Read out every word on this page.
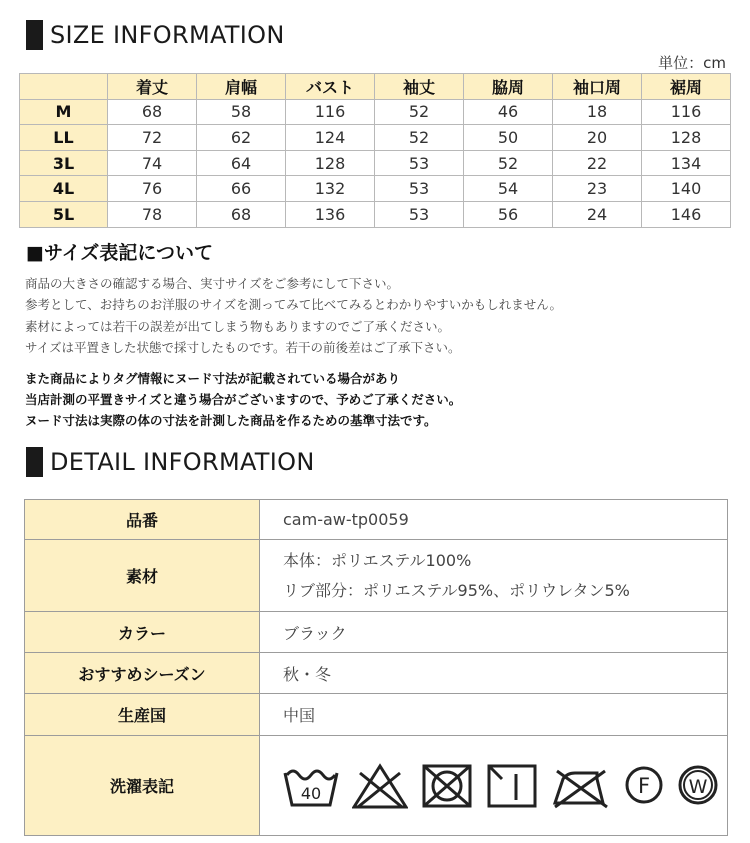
SIZE INFORMATION
単位：cm
	着丈	肩幅	バスト	袖丈	脇周	袖口周	裾周
M	68	58	116	52	46	18	116
LL	72	62	124	52	50	20	128
3L	74	64	128	53	52	22	134
4L	76	66	132	53	54	23	140
5L	78	68	136	53	56	24	146
■サイズ表記について
商品の大きさの確認する場合、実寸サイズをご参考にして下さい。
参考として、お持ちのお洋服のサイズを測ってみて比べてみるとわかりやすいかもしれません。
素材によっては若干の誤差が出てしまう物もありますのでご了承ください。
サイズは平置きした状態で採寸したものです。若干の前後差はご了承下さい。
また商品によりタグ情報にヌード寸法が記載されている場合があり
当店計測の平置きサイズと違う場合がございますので、予めご了承ください。
ヌード寸法は実際の体の寸法を計測した商品を作るための基準寸法です。
DETAIL INFORMATION
品番	cam-aw-tp0059
素材	本体：ポリエステル100%
リブ部分：ポリエステル95%、ポリウレタン5%

カラー	ブラック
おすすめシーズン	秋・冬
生産国	中国
洗濯表記	40 F W
